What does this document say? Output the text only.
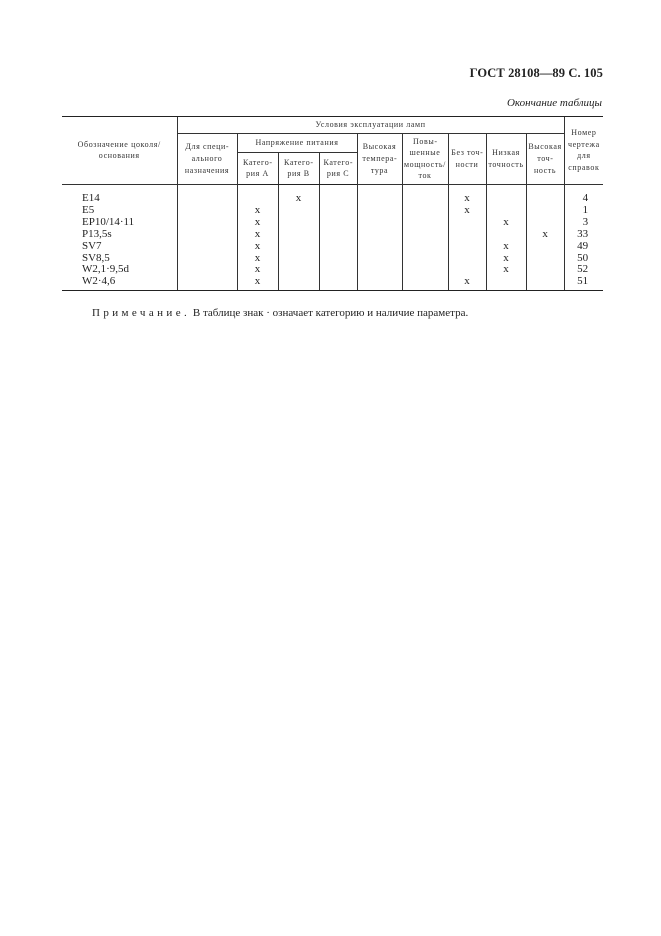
ГОСТ 28108—89 С. 105
Окончание таблицы
Обозначение цоколя/основания	Условия эксплуатации ламп									Номер чертежа для справок
	Для специального назначения	Напряжение питания			Высокая температура	Повышенные мощность/ток	Без точности	Низкая точность	Высокая точность	
		Категория А	Категория В	Категория С						

E14			x				x			4
E5		x					x			1
EP10/14·11		x						x		3
P13,5s		x							x	33
SV7		x						x		49
SV8,5		x						x		50
W2,1·9,5d		x						x		52
W2·4,6		x					x			51
Примечание. В таблице знак · означает категорию и наличие параметра.
